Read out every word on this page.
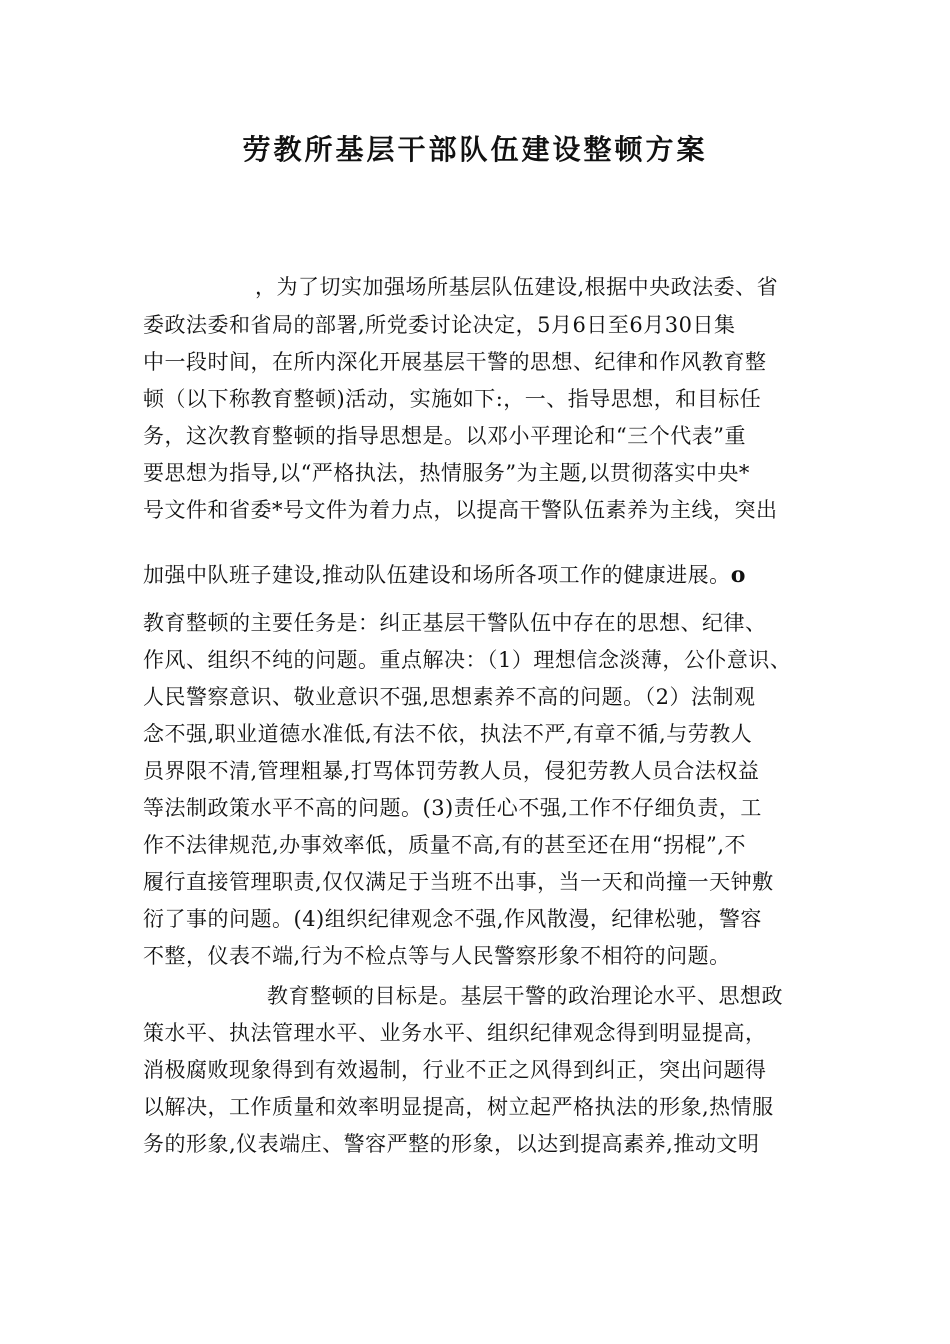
劳教所基层干部队伍建设整顿方案
，为了切实加强场所基层队伍建设,根据中央政法委、省
委政法委和省局的部署,所党委讨论决定，5月6日至6月30日集
中一段时间，在所内深化开展基层干警的思想、纪律和作风教育整
顿（以下称教育整顿)活动，实施如下:，一、指导思想，和目标任
务，这次教育整顿的指导思想是。以邓小平理论和“三个代表”重
要思想为指导,以“严格执法，热情服务”为主题,以贯彻落实中央*
号文件和省委*号文件为着力点，以提高干警队伍素养为主线，突出
加强中队班子建设,推动队伍建设和场所各项工作的健康进展。o
教育整顿的主要任务是：纠正基层干警队伍中存在的思想、纪律、
作风、组织不纯的问题。重点解决：（1）理想信念淡薄，公仆意识、
人民警察意识、敬业意识不强,思想素养不高的问题。（2）法制观
念不强,职业道德水准低,有法不依，执法不严,有章不循,与劳教人
员界限不清,管理粗暴,打骂体罚劳教人员，侵犯劳教人员合法权益
等法制政策水平不高的问题。(3)责任心不强,工作不仔细负责，工
作不法律规范,办事效率低，质量不高,有的甚至还在用“拐棍”,不
履行直接管理职责,仅仅满足于当班不出事，当一天和尚撞一天钟敷
衍了事的问题。(4)组织纪律观念不强,作风散漫，纪律松驰，警容
不整，仪表不端,行为不检点等与人民警察形象不相符的问题。
教育整顿的目标是。基层干警的政治理论水平、思想政
策水平、执法管理水平、业务水平、组织纪律观念得到明显提高，
消极腐败现象得到有效遏制，行业不正之风得到纠正，突出问题得
以解决，工作质量和效率明显提高，树立起严格执法的形象,热情服
务的形象,仪表端庄、警容严整的形象，以达到提高素养,推动文明
